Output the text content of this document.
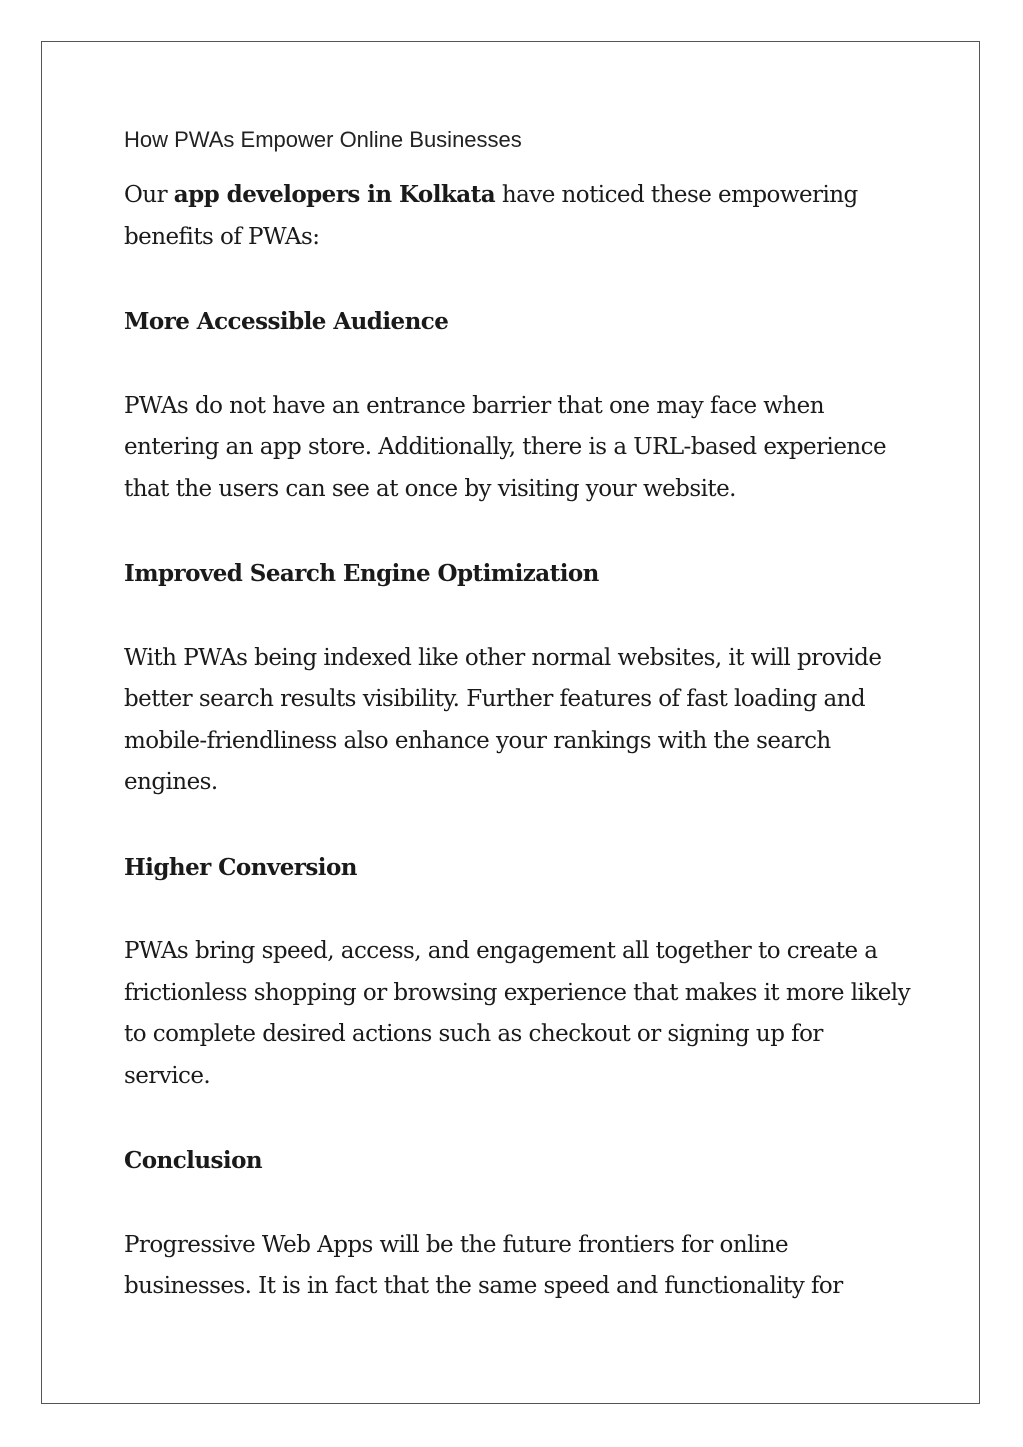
How PWAs Empower Online Businesses

Our app developers in Kolkata have noticed these empowering benefits of PWAs:

More Accessible Audience

PWAs do not have an entrance barrier that one may face when entering an app store. Additionally, there is a URL-based experience that the users can see at once by visiting your website.

Improved Search Engine Optimization

With PWAs being indexed like other normal websites, it will provide better search results visibility. Further features of fast loading and mobile-friendliness also enhance your rankings with the search engines.

Higher Conversion

PWAs bring speed, access, and engagement all together to create a frictionless shopping or browsing experience that makes it more likely to complete desired actions such as checkout or signing up for service.

Conclusion

Progressive Web Apps will be the future frontiers for online businesses. It is in fact that the same speed and functionality for
